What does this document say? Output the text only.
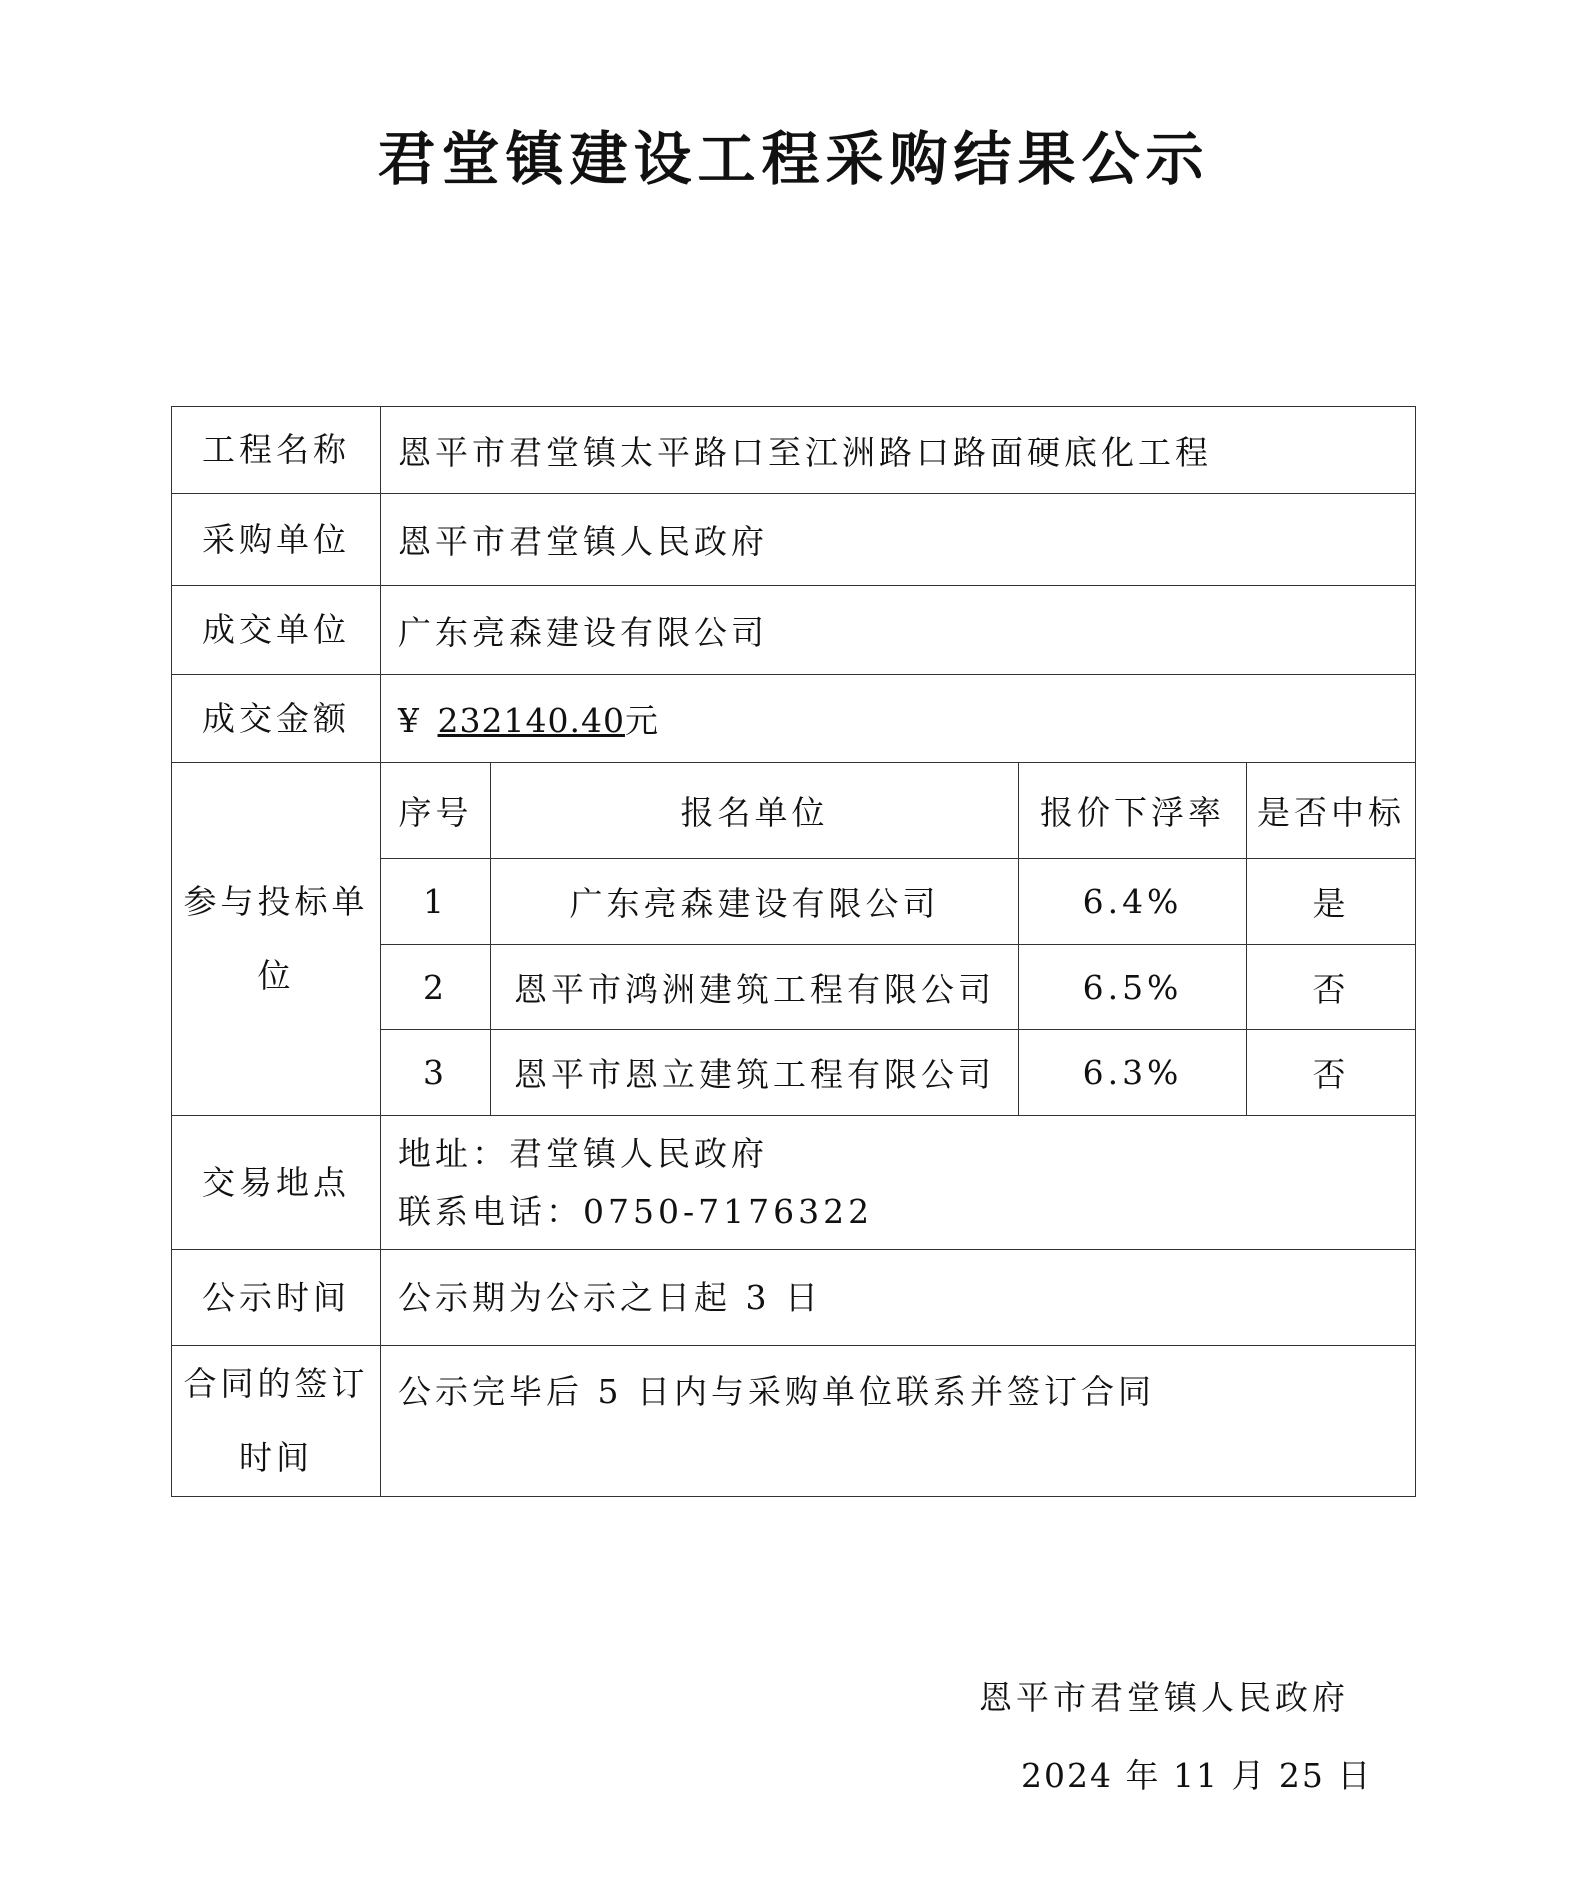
君堂镇建设工程采购结果公示
工程名称	恩平市君堂镇太平路口至江洲路口路面硬底化工程			
采购单位	恩平市君堂镇人民政府			
成交单位	广东亮森建设有限公司			
成交金额	¥ 232140.40元			
参与投标单位	序号	报名单位	报价下浮率	是否中标
	1	广东亮森建设有限公司	6.4%	是
	2	恩平市鸿洲建筑工程有限公司	6.5%	否
	3	恩平市恩立建筑工程有限公司	6.3%	否
交易地点	地址：君堂镇人民政府
联系电话：0750-7176322			

公示时间	公示期为公示之日起 3 日			
合同的签订时间	公示完毕后 5 日内与采购单位联系并签订合同			
恩平市君堂镇人民政府
2024 年 11 月 25 日
